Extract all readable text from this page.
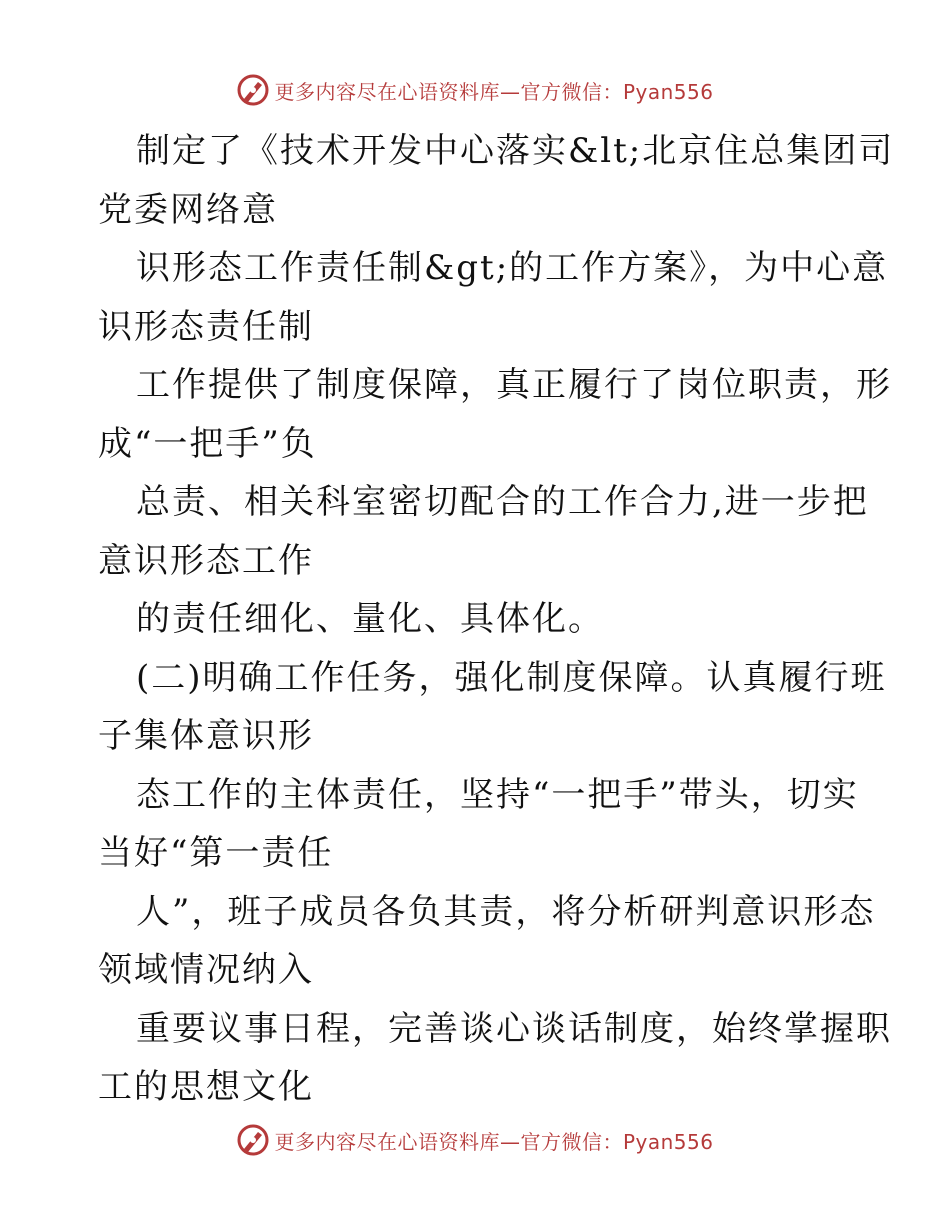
更多内容尽在心语资料库—官方微信：Pyan556
制定了《技术开发中心落实&lt;北京住总集团司
党委网络意
识形态工作责任制&gt;的工作方案》，为中心意
识形态责任制
工作提供了制度保障，真正履行了岗位职责，形
成“一把手”负
总责、相关科室密切配合的工作合力,进一步把
意识形态工作
的责任细化、量化、具体化。
(二)明确工作任务，强化制度保障。认真履行班
子集体意识形
态工作的主体责任，坚持“一把手”带头，切实
当好“第一责任
人”，班子成员各负其责，将分析研判意识形态
领域情况纳入
重要议事日程，完善谈心谈话制度，始终掌握职
工的思想文化
更多内容尽在心语资料库—官方微信：Pyan556
